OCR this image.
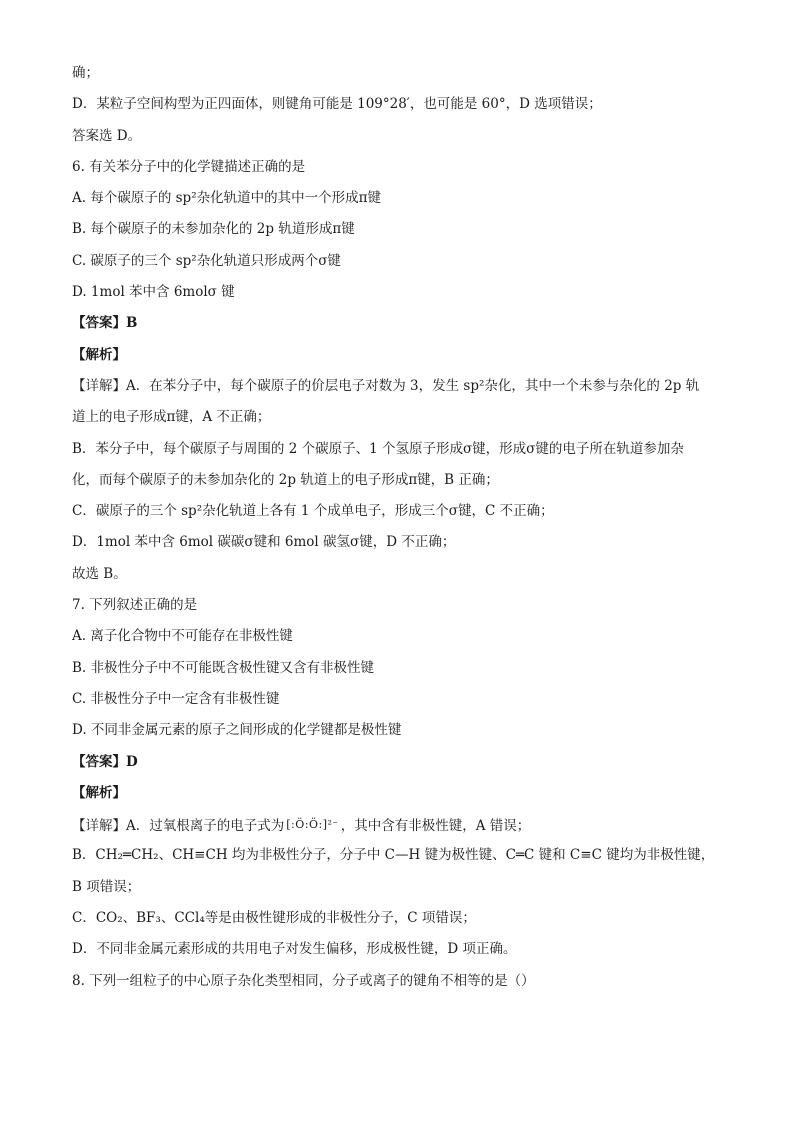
确；
D．某粒子空间构型为正四面体，则键角可能是 109°28′，也可能是 60°，D 选项错误；
答案选 D。
6. 有关苯分子中的化学键描述正确的是
A. 每个碳原子的 sp²杂化轨道中的其中一个形成π键
B. 每个碳原子的未参加杂化的 2p 轨道形成π键
C. 碳原子的三个 sp²杂化轨道只形成两个σ键
D. 1mol 苯中含 6molσ 键
【答案】B
【解析】
【详解】A．在苯分子中，每个碳原子的价层电子对数为 3，发生 sp²杂化，其中一个未参与杂化的 2p 轨
道上的电子形成π键，A 不正确；
B．苯分子中，每个碳原子与周围的 2 个碳原子、1 个氢原子形成σ键，形成σ键的电子所在轨道参加杂
化，而每个碳原子的未参加杂化的 2p 轨道上的电子形成π键，B 正确；
C．碳原子的三个 sp²杂化轨道上各有 1 个成单电子，形成三个σ键，C 不正确；
D．1mol 苯中含 6mol 碳碳σ键和 6mol 碳氢σ键，D 不正确；
故选 B。
7. 下列叙述正确的是
A. 离子化合物中不可能存在非极性键
B. 非极性分子中不可能既含极性键又含有非极性键
C. 非极性分子中一定含有非极性键
D. 不同非金属元素的原子之间形成的化学键都是极性键
【答案】D
【解析】
【详解】A．过氧根离子的电子式为 [:Ö:Ö:]²⁻ ，其中含有非极性键，A 错误；
B．CH₂═CH₂、CH≡CH 均为非极性分子，分子中 C—H 键为极性键、C═C 键和 C≡C 键均为非极性键，
B 项错误；
C．CO₂、BF₃、CCl₄等是由极性键形成的非极性分子，C 项错误；
D．不同非金属元素形成的共用电子对发生偏移，形成极性键，D 项正确。
8. 下列一组粒子的中心原子杂化类型相同，分子或离子的键角不相等的是（）
